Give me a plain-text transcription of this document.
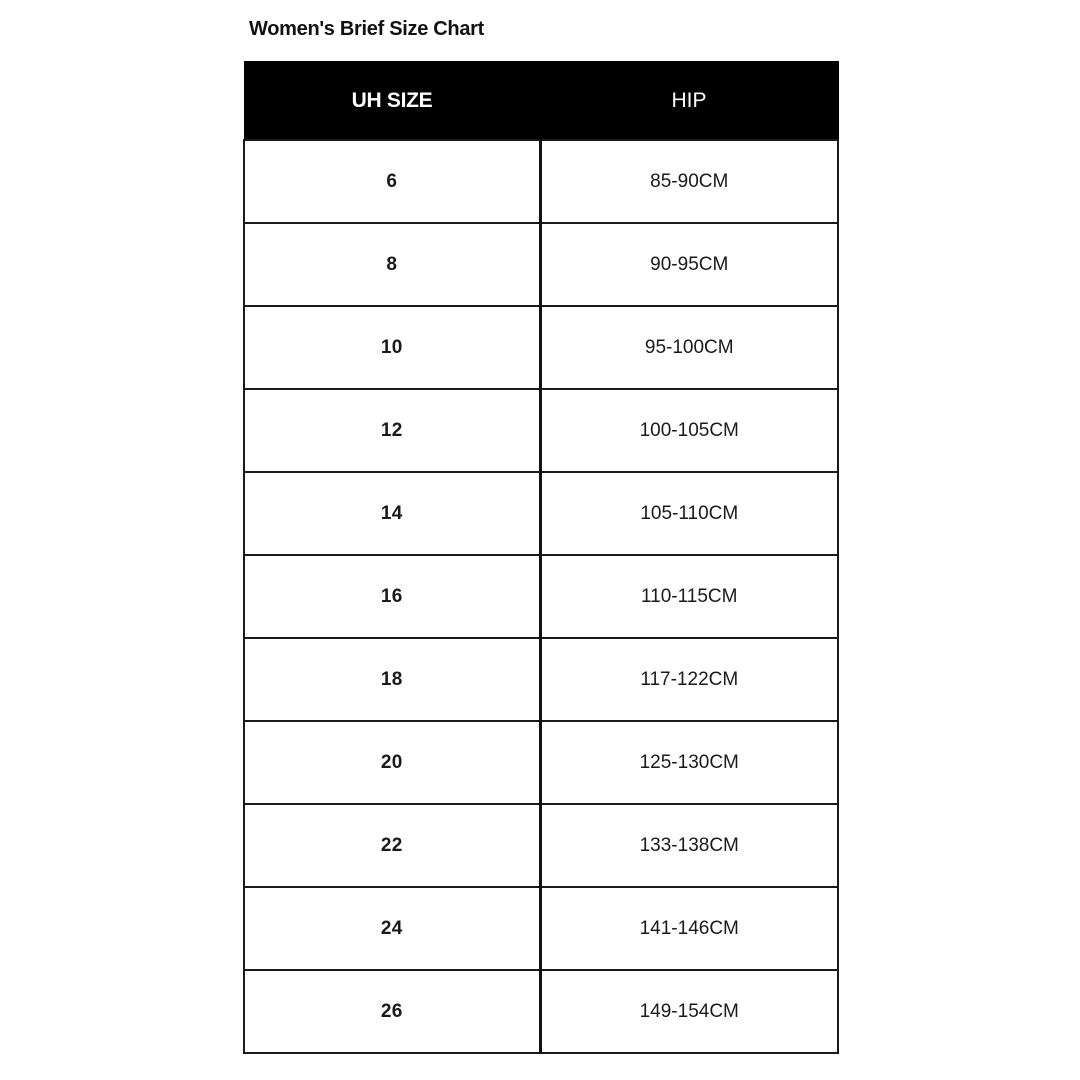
Women's Brief Size Chart
UH SIZE	HIP
6	85-90CM
8	90-95CM
10	95-100CM
12	100-105CM
14	105-110CM
16	110-115CM
18	117-122CM
20	125-130CM
22	133-138CM
24	141-146CM
26	149-154CM
